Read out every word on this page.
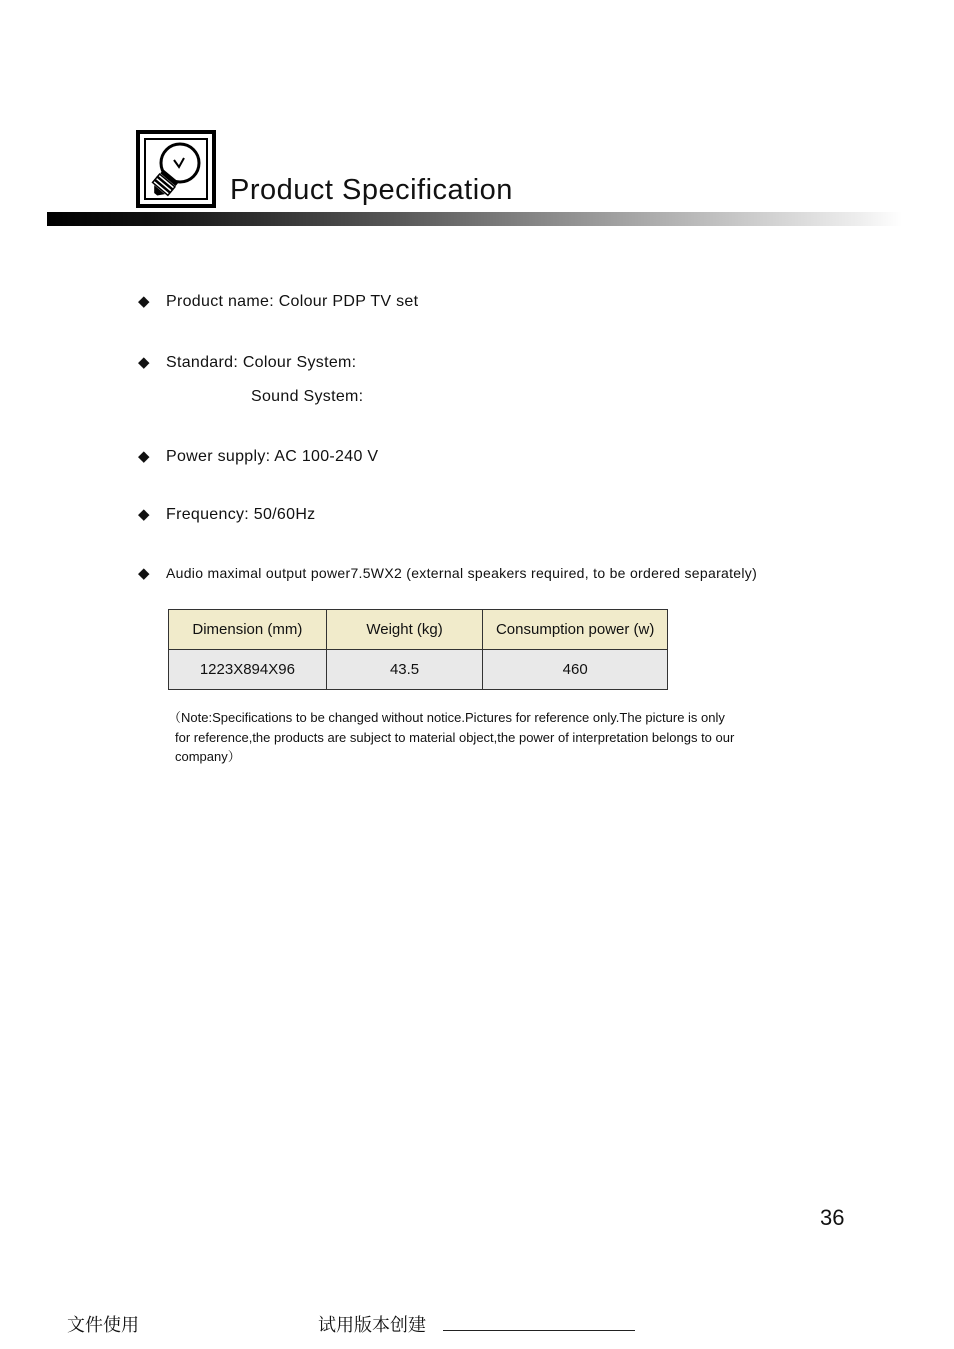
Product Specification
◆ Product name: Colour PDP TV set
◆ Standard: Colour System:
Sound System:
◆ Power supply: AC 100-240 V
◆ Frequency: 50/60Hz
◆ Audio maximal output power7.5WX2 (external speakers required, to be ordered separately)
Dimension (mm)	Weight (kg)	Consumption power (w)
1223X894X96	43.5	460
（Note:Specifications to be changed without notice.Pictures for reference only.The picture is only
for reference,the products are subject to material object,the power of interpretation belongs to our
company）
36
文件使用	试用版本创建
